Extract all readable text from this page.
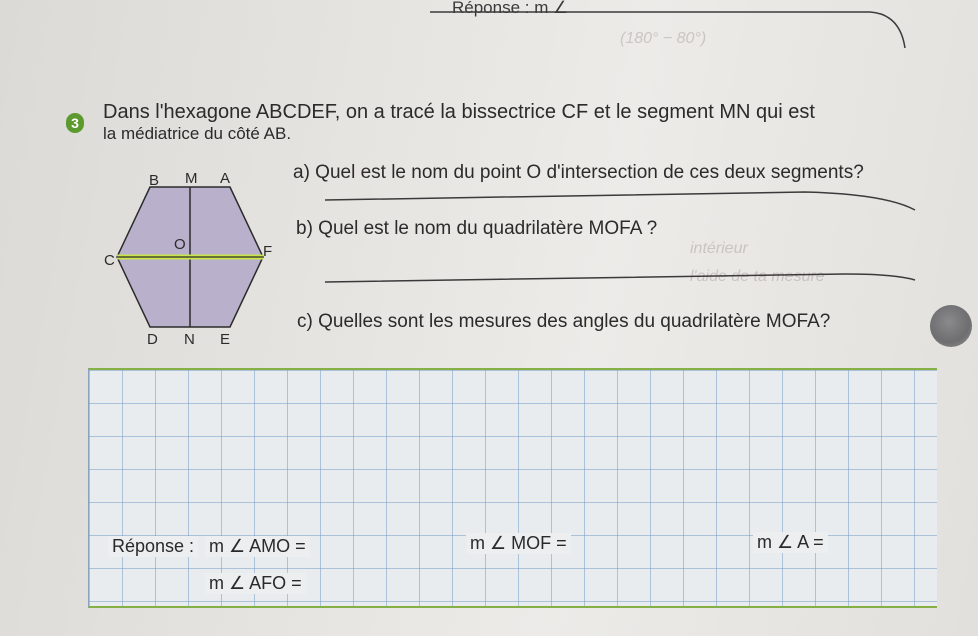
Réponse : m ∠
(180° − 80°)
l'aide de ta mesure
intérieur
3 Dans l'hexagone ABCDEF, on a tracé la bissectrice CF et le segment MN qui est
la médiatrice du côté AB.
a) Quel est le nom du point O d'intersection de ces deux segments?
b) Quel est le nom du quadrilatère MOFA ?
c) Quelles sont les mesures des angles du quadrilatère MOFA?
B M A
C
O	F
D N E
Réponse : m ∠ AMO =	m ∠ MOF =	m ∠ A =
m ∠ AFO =
